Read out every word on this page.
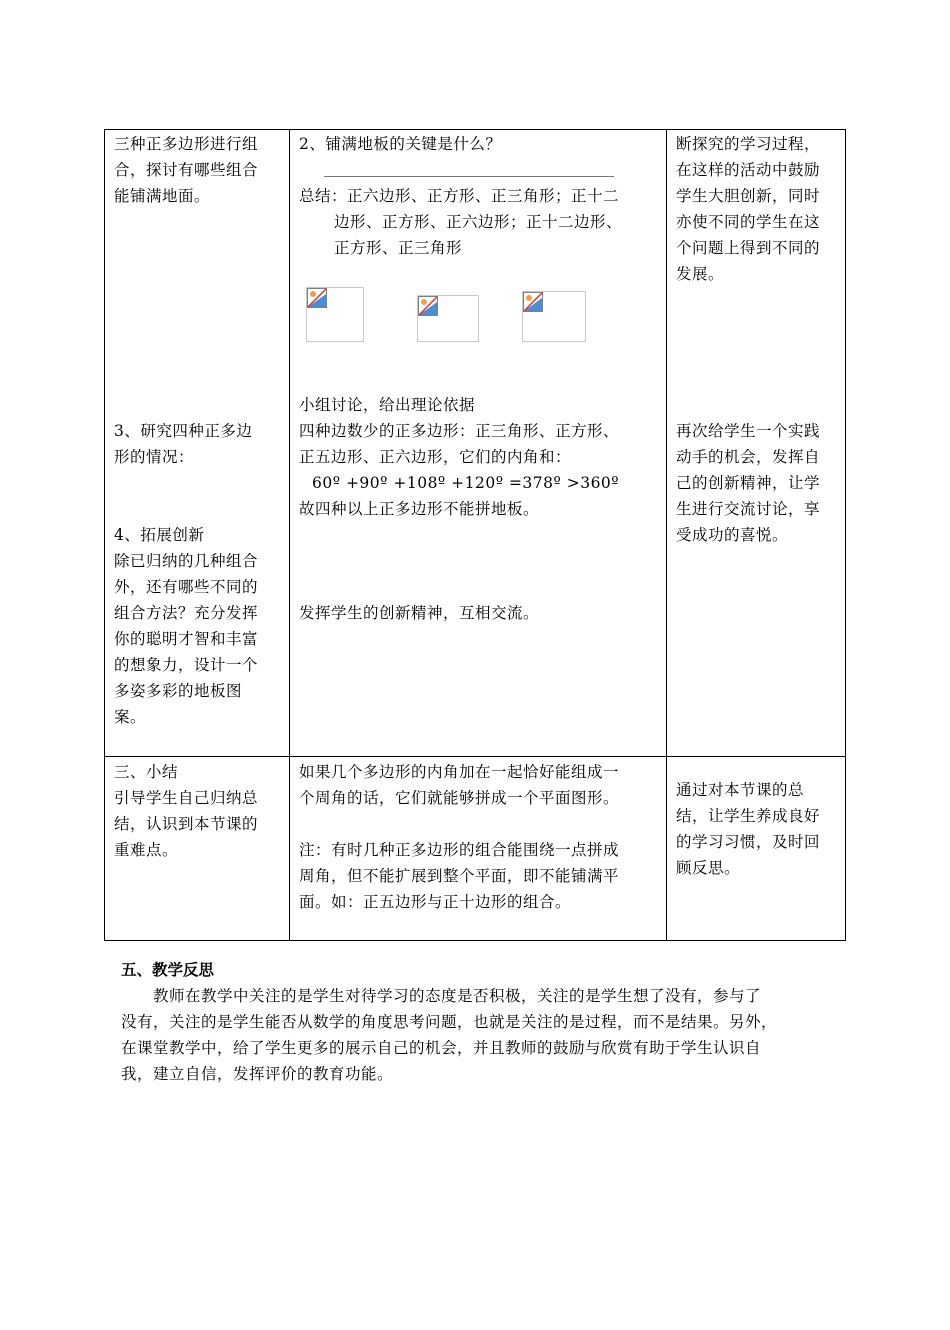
三种正多边形进行组
合，探讨有哪些组合
能铺满地面。
3、研究四种正多边
形的情况：
4、拓展创新
除已归纳的几种组合
外，还有哪些不同的
组合方法？充分发挥
你的聪明才智和丰富
的想象力，设计一个
多姿多彩的地板图
案。
2、铺满地板的关键是什么？
总结：正六边形、正方形、正三角形；正十二
边形、正方形、正六边形；正十二边形、
正方形、正三角形
小组讨论，给出理论依据
四种边数少的正多边形：正三角形、正方形、
正五边形、正六边形，它们的内角和：
60º +90º +108º +120º =378º >360º
故四种以上正多边形不能拼地板。
发挥学生的创新精神，互相交流。
断探究的学习过程，
在这样的活动中鼓励
学生大胆创新，同时
亦使不同的学生在这
个问题上得到不同的
发展。
再次给学生一个实践
动手的机会，发挥自
己的创新精神，让学
生进行交流讨论，享
受成功的喜悦。
三、小结
引导学生自己归纳总
结，认识到本节课的
重难点。
如果几个多边形的内角加在一起恰好能组成一
个周角的话，它们就能够拼成一个平面图形。
注：有时几种正多边形的组合能围绕一点拼成
周角，但不能扩展到整个平面，即不能铺满平
面。如：正五边形与正十边形的组合。
通过对本节课的总
结，让学生养成良好
的学习习惯，及时回
顾反思。
五、教学反思
教师在教学中关注的是学生对待学习的态度是否积极，关注的是学生想了没有，参与了
没有，关注的是学生能否从数学的角度思考问题，也就是关注的是过程，而不是结果。另外，
在课堂教学中，给了学生更多的展示自己的机会，并且教师的鼓励与欣赏有助于学生认识自
我，建立自信，发挥评价的教育功能。
